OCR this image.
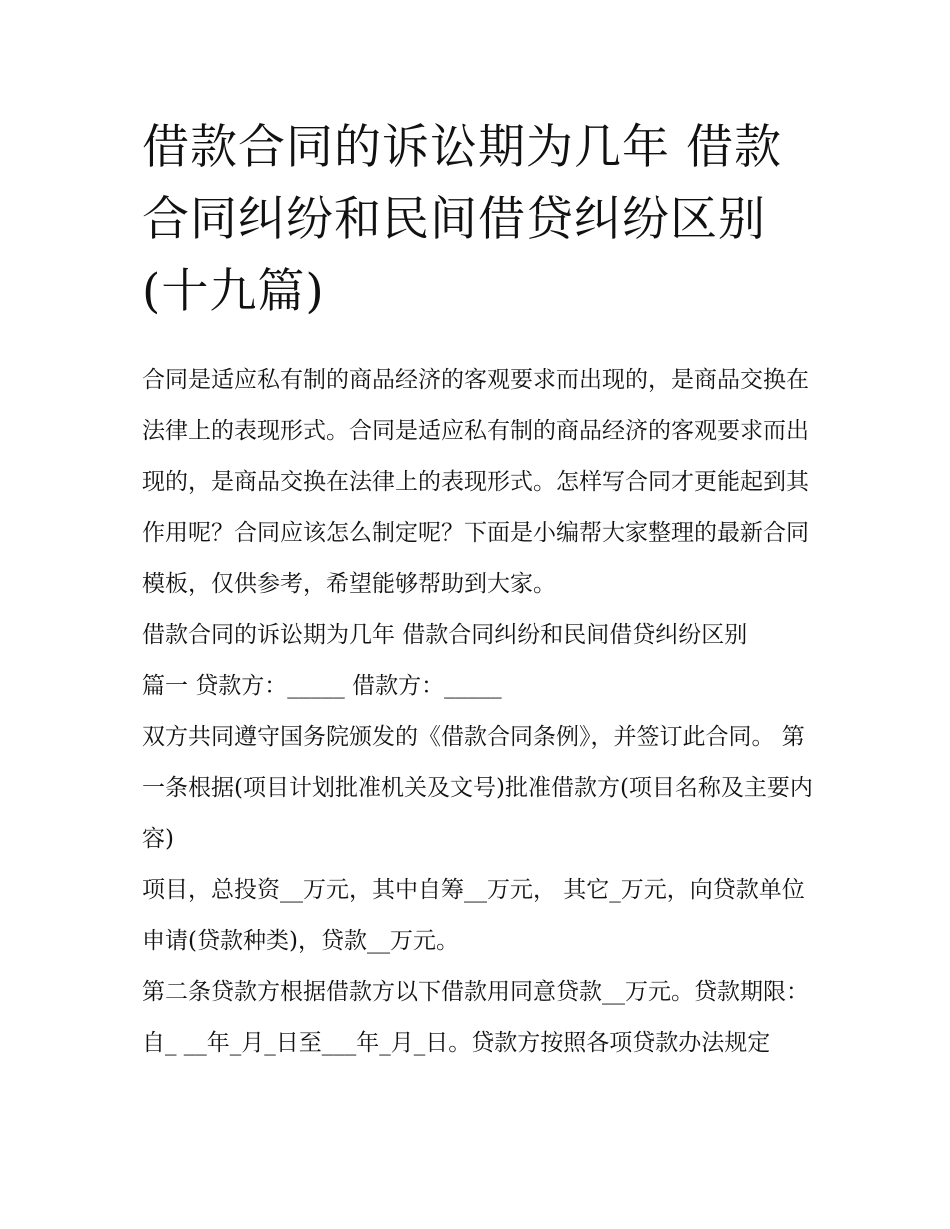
借款合同的诉讼期为几年 借款合同纠纷和民间借贷纠纷区别(十九篇)

合同是适应私有制的商品经济的客观要求而出现的，是商品交换在法律上的表现形式。合同是适应私有制的商品经济的客观要求而出现的，是商品交换在法律上的表现形式。怎样写合同才更能起到其作用呢？合同应该怎么制定呢？下面是小编帮大家整理的最新合同模板，仅供参考，希望能够帮助到大家。

借款合同的诉讼期为几年 借款合同纠纷和民间借贷纠纷区别

篇一 贷款方：_____ 借款方：_____

双方共同遵守国务院颁发的《借款合同条例》，并签订此合同。 第一条根据(项目计划批准机关及文号)批准借款方(项目名称及主要内容)

项目，总投资__万元，其中自筹__万元， 其它_万元，向贷款单位申请(贷款种类)，贷款__万元。

第二条贷款方根据借款方以下借款用同意贷款__万元。贷款期限：自_ __年_月_日至___年_月_日。贷款方按照各项贷款办法规定
